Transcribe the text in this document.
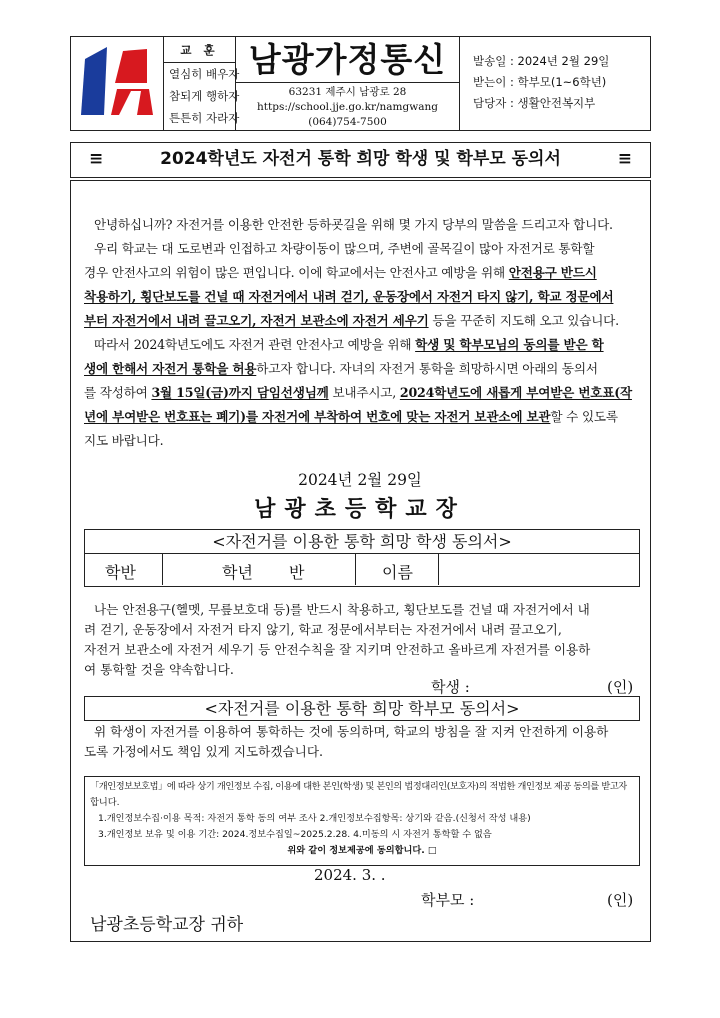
교 훈
열심히 배우자
참되게 행하자
튼튼히 자라자
남광가정통신
63231 제주시 남광로 28
https://school.jje.go.kr/namgwang
(064)754-7500
발송일 : 2024년 2월 29일
받는이 : 학부모(1~6학년)
담당자 : 생활안전복지부
≡	2024학년도 자전거 통학 희망 학생 및 학부모 동의서	≡
안녕하십니까? 자전거를 이용한 안전한 등하굣길을 위해 몇 가지 당부의 말씀을 드리고자 합니다.
우리 학교는 대 도로변과 인접하고 차량이동이 많으며, 주변에 골목길이 많아 자전거로 통학할
경우 안전사고의 위험이 많은 편입니다. 이에 학교에서는 안전사고 예방을 위해 안전용구 반드시
착용하기, 횡단보도를 건널 때 자전거에서 내려 걷기, 운동장에서 자전거 타지 않기, 학교 정문에서
부터 자전거에서 내려 끌고오기, 자전거 보관소에 자전거 세우기 등을 꾸준히 지도해 오고 있습니다.
따라서 2024학년도에도 자전거 관련 안전사고 예방을 위해 학생 및 학부모님의 동의를 받은 학
생에 한해서 자전거 통학을 허용하고자 합니다. 자녀의 자전거 통학을 희망하시면 아래의 동의서
를 작성하여 3월 15일(금)까지 담임선생님께 보내주시고, 2024학년도에 새롭게 부여받은 번호표(작
년에 부여받은 번호표는 폐기)를 자전거에 부착하여 번호에 맞는 자전거 보관소에 보관할 수 있도록
지도 바랍니다.
2024년 2월 29일
남광초등학교장
<자전거를 이용한 통학 희망 학생 동의서>
학반	학년 반	이름
나는 안전용구(헬멧, 무릎보호대 등)를 반드시 착용하고, 횡단보도를 건널 때 자전거에서 내
려 걷기, 운동장에서 자전거 타지 않기, 학교 정문에서부터는 자전거에서 내려 끌고오기,
자전거 보관소에 자전거 세우기 등 안전수칙을 잘 지키며 안전하고 올바르게 자전거를 이용하
여 통학할 것을 약속합니다.
학생 :	(인)
<자전거를 이용한 통학 희망 학부모 동의서>
위 학생이 자전거를 이용하여 통학하는 것에 동의하며, 학교의 방침을 잘 지켜 안전하게 이용하
도록 가정에서도 책임 있게 지도하겠습니다.
「개인정보보호법」에 따라 상기 개인정보 수집, 이용에 대한 본인(학생) 및 본인의 법정대리인(보호자)의 적법한 개인정보 제공 동의를 받고자
합니다.
1.개인정보수집·이용 목적: 자전거 통학 동의 여부 조사 2.개인정보수집항목: 상기와 같음.(신청서 작성 내용)
3.개인정보 보유 및 이용 기간: 2024.정보수집일~2025.2.28. 4.미동의 시 자전거 통학할 수 없음
위와 같이 정보제공에 동의합니다. □
2024. 3. .
학부모 :	(인)
남광초등학교장 귀하
